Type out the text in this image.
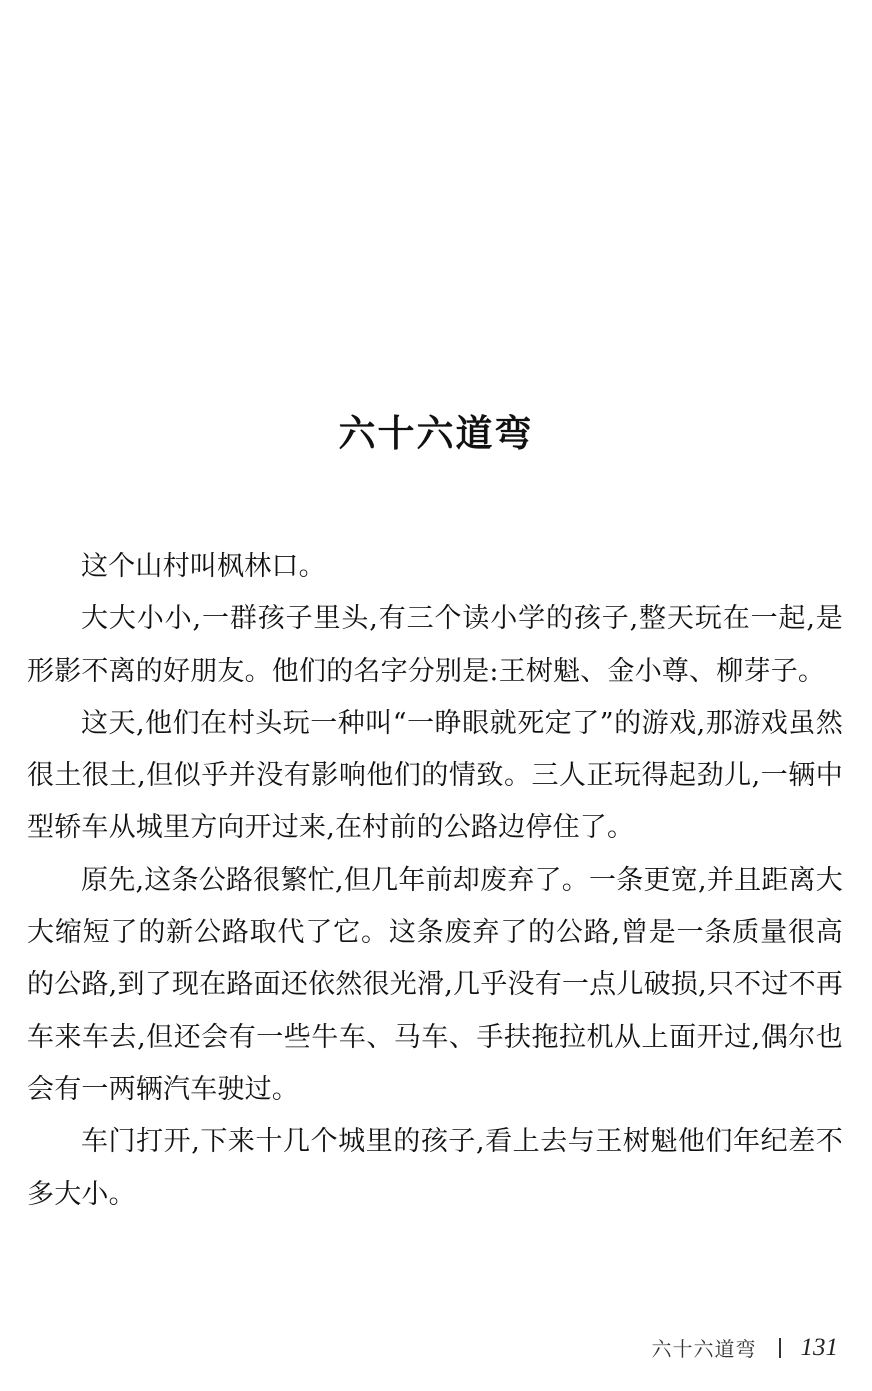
六十六道弯

这个山村叫枫林口。

大大小小,一群孩子里头,有三个读小学的孩子,整天玩在一起,是形影不离的好朋友。他们的名字分别是:王树魁、金小尊、柳芽子。

这天,他们在村头玩一种叫“一睁眼就死定了”的游戏,那游戏虽然很土很土,但似乎并没有影响他们的情致。三人正玩得起劲儿,一辆中型轿车从城里方向开过来,在村前的公路边停住了。

原先,这条公路很繁忙,但几年前却废弃了。一条更宽,并且距离大大缩短了的新公路取代了它。这条废弃了的公路,曾是一条质量很高的公路,到了现在路面还依然很光滑,几乎没有一点儿破损,只不过不再车来车去,但还会有一些牛车、马车、手扶拖拉机从上面开过,偶尔也会有一两辆汽车驶过。

车门打开,下来十几个城里的孩子,看上去与王树魁他们年纪差不多大小。

六十六道弯 131
